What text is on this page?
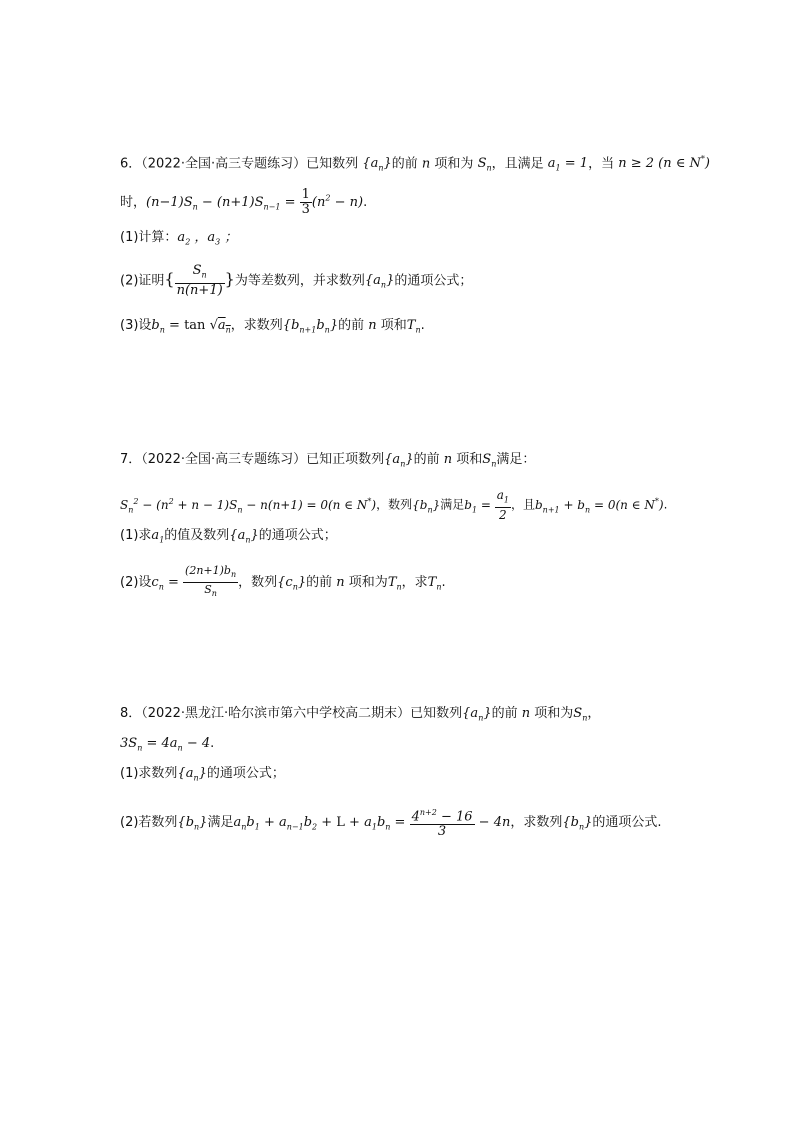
6．（2022·全国·高三专题练习）已知数列 $\{a_n\}$的前 n 项和为 $S_n$，且满足 $a_1 = 1$，当 n ≥ 2 (n ∈ N*)
时，$(n-1)S_n - (n+1)S_{n-1} = \frac{1}{3} (n^2 - n)$.
(1)计算：$a_2$ ，$a_3$ ；
(2)证明{ $\frac{S_n}{n(n+1)}$ }为等差数列，并求数列$\{a_n\}$的通项公式；
(3)设$b_n = \tan √a_n$，求数列$\{b_{n+1}b_n\}$的前 n 项和$T_n$.
7．（2022·全国·高三专题练习）已知正项数列$\{a_n\}$的前 n 项和$S_n$满足：
$S_n^2 - (n^2 + n - 1)S_n - n(n+1) = 0(n$ ∈ N*)，数列$\{b_n\}$满足$b_1 = \frac{a_1}{2}$ ，且$b_{n+1} + b_n = 0(n$ ∈ N*).
(1)求$a_1$的值及数列$\{a_n\}$的通项公式；
(2)设$c_n = \frac{(2n+1)b_n}{S_n}$ ，数列$\{c_n\}$的前 n 项和为$T_n$，求$T_n$.
8．（2022·黑龙江·哈尔滨市第六中学校高二期末）已知数列$\{a_n\}$的前 n 项和为$S_n$，
$3S_n = 4a_n - 4$.
(1)求数列$\{a_n\}$的通项公式；
(2)若数列$\{b_n\}$满足$a_nb_1 + a_{n-1}b_2 + L + a_1b_n = \frac{4^{n+2} - 16}{3} - 4n$，求数列$\{b_n\}$的通项公式.
